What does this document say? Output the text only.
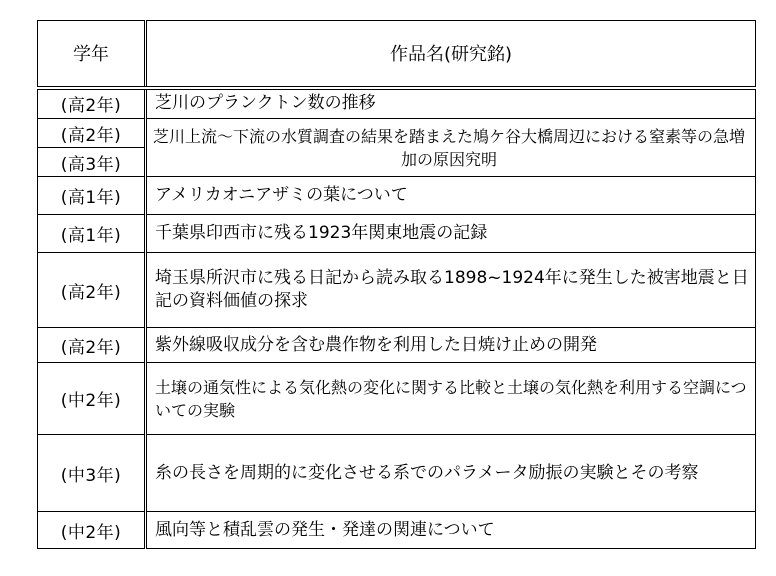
学年	作品名(研究銘)
(高2年)	芝川のプランクトン数の推移
(高2年)	芝川上流～下流の水質調査の結果を踏まえた鳩ケ谷大橋周辺における窒素等の急増加の原因究明
(高3年)	
(高1年)	アメリカオニアザミの葉について
(高1年)	千葉県印西市に残る1923年関東地震の記録
(高2年)	埼玉県所沢市に残る日記から読み取る1898~1924年に発生した被害地震と日記の資料価値の探求
(高2年)	紫外線吸収成分を含む農作物を利用した日焼け止めの開発
(中2年)	土壌の通気性による気化熱の変化に関する比較と土壌の気化熱を利用する空調についての実験
(中3年)	糸の長さを周期的に変化させる系でのパラメータ励振の実験とその考察
(中2年)	風向等と積乱雲の発生・発達の関連について
